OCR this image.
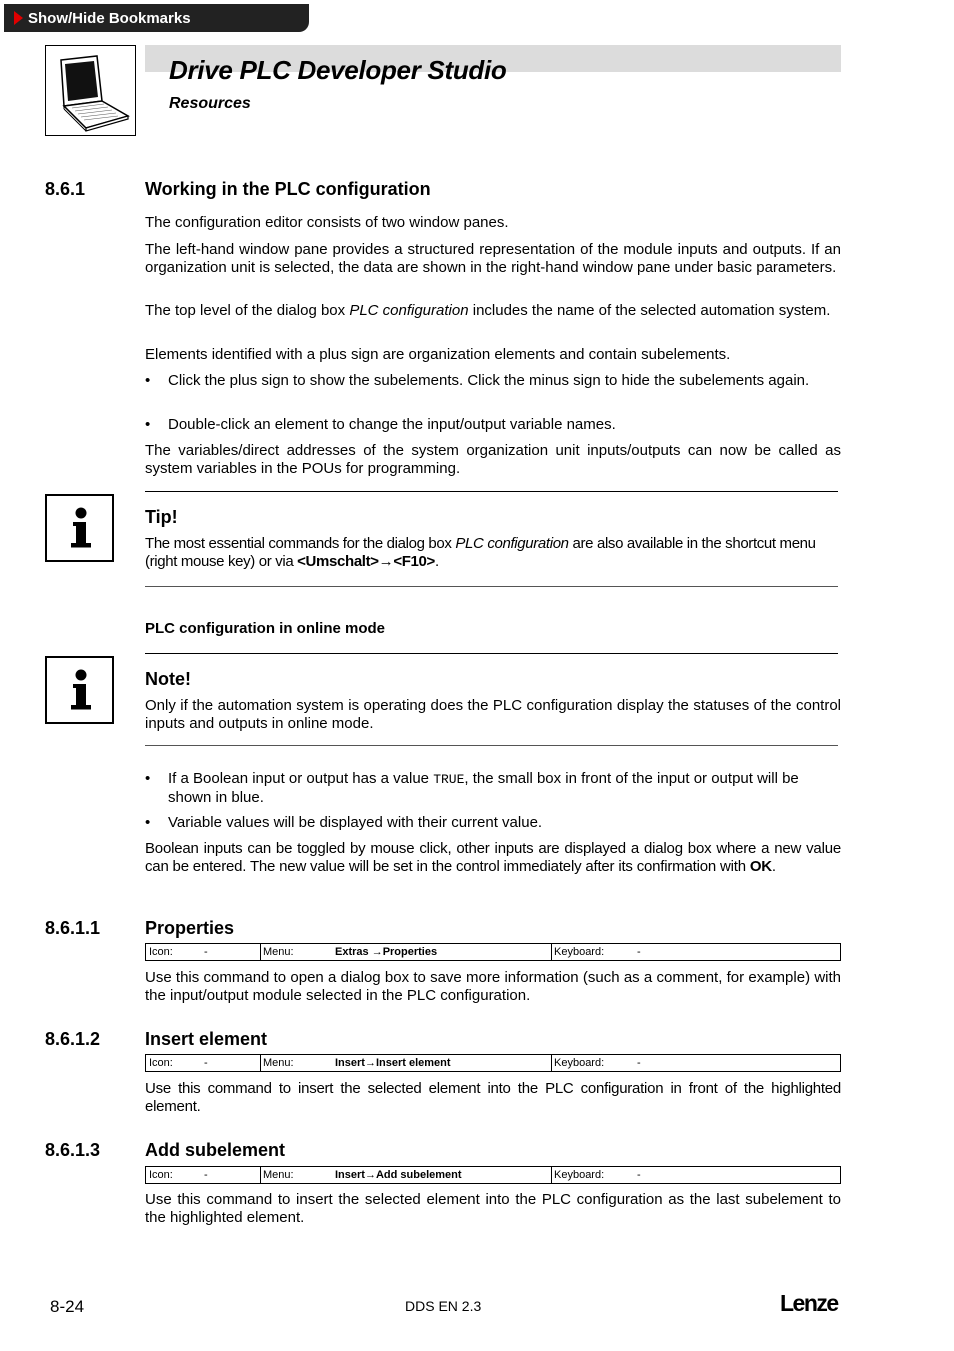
Show/Hide Bookmarks
Drive PLC Developer Studio
Resources
8.6.1	Working in the PLC configuration
The configuration editor consists of two window panes.
The left-hand window pane provides a structured representation of the module inputs and outputs. If an organization unit is selected, the data are shown in the right-hand window pane under basic parameters.
The top level of the dialog box PLC configuration includes the name of the selected automation system.
Elements identified with a plus sign are organization elements and contain subelements.
• Click the plus sign to show the subelements. Click the minus sign to hide the subelements again.
• Double-click an element to change the input/output variable names.
The variables/direct addresses of the system organization unit inputs/outputs can now be called as system variables in the POUs for programming.
Tip!
The most essential commands for the dialog box PLC configuration are also available in the shortcut menu (right mouse key) or via <Umschalt>→<F10>.
PLC configuration in online mode
Note!
Only if the automation system is operating does the PLC configuration display the statuses of the control inputs and outputs in online mode.
• If a Boolean input or output has a value TRUE, the small box in front of the input or output will be shown in blue.
• Variable values will be displayed with their current value.
Boolean inputs can be toggled by mouse click, other inputs are displayed a dialog box where a new value can be entered. The new value will be set in the control immediately after its confirmation with OK.
8.6.1.1 Properties
Icon:	-	Menu:	Extras →Properties	Keyboard:	-
Use this command to open a dialog box to save more information (such as a comment, for example) with the input/output module selected in the PLC configuration.
8.6.1.2 Insert element
Icon:	-	Menu:	Insert→Insert element	Keyboard:	-
Use this command to insert the selected element into the PLC configuration in front of the highlighted element.
8.6.1.3 Add subelement
Icon:	-	Menu:	Insert→Add subelement	Keyboard:	-
Use this command to insert the selected element into the PLC configuration as the last subelement to the highlighted element.
8-24	DDS EN 2.3	Lenze
